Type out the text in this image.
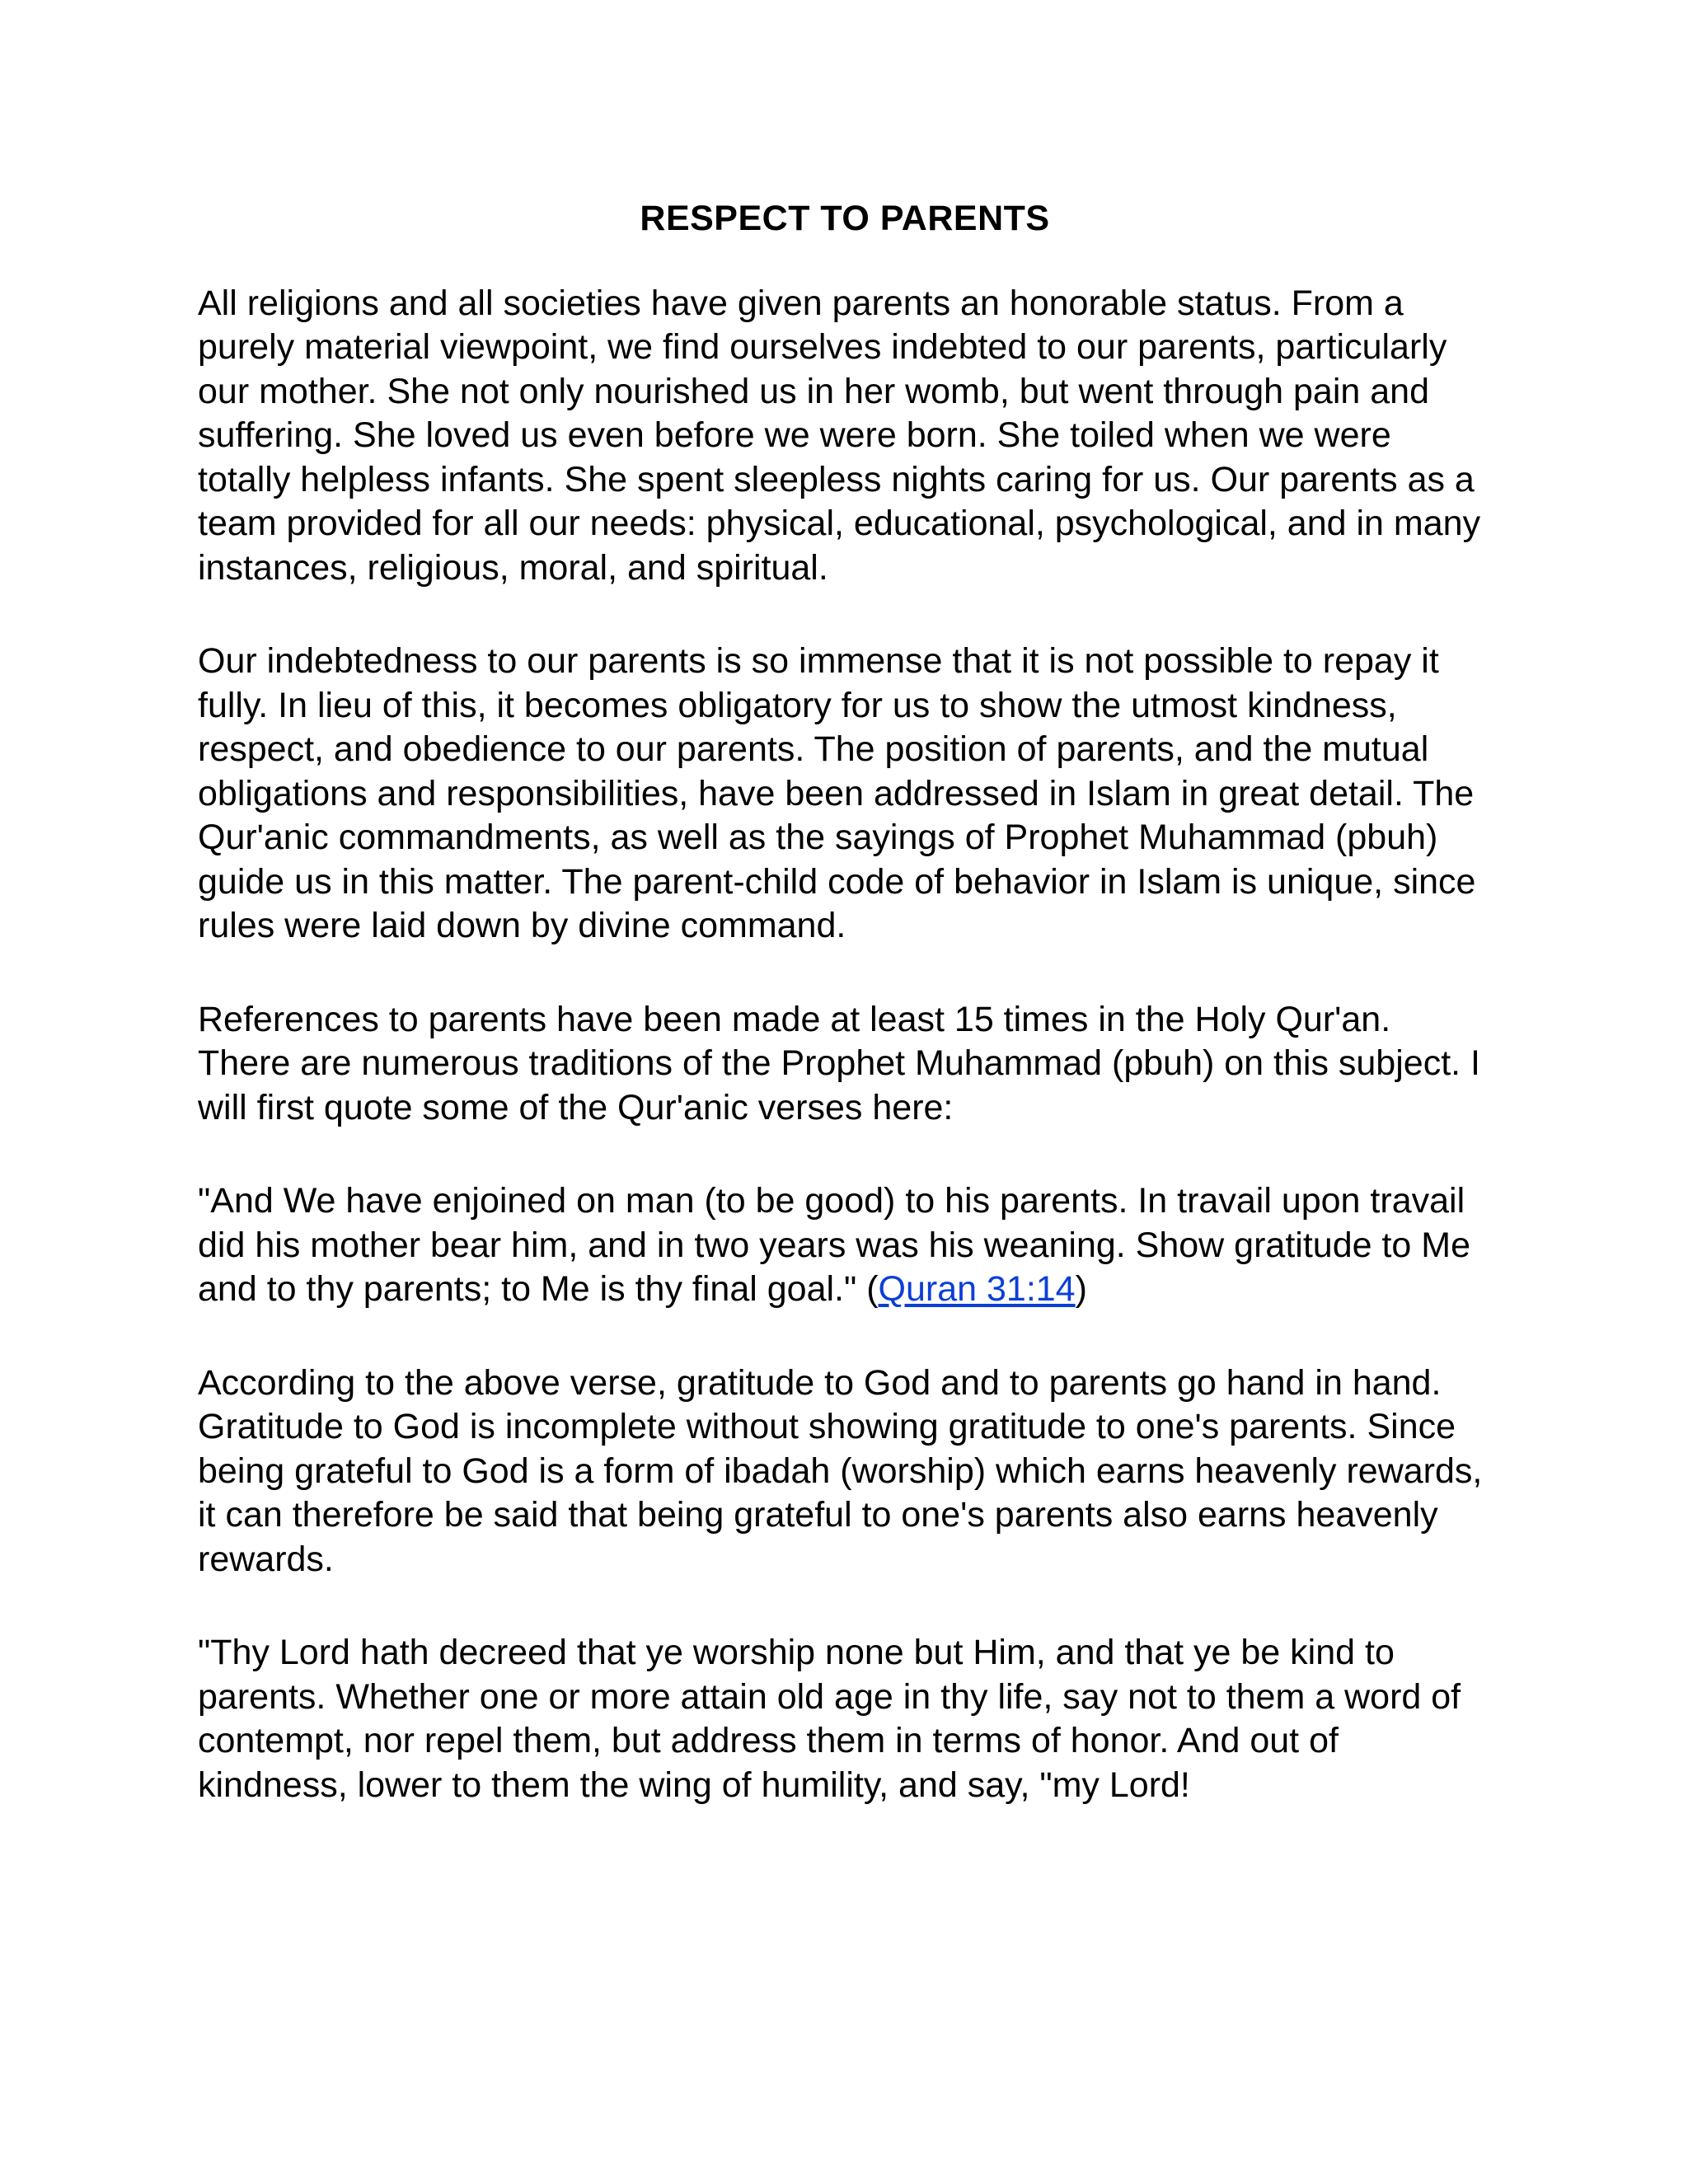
RESPECT TO PARENTS

All religions and all societies have given parents an honorable status. From a purely material viewpoint, we find ourselves indebted to our parents, particularly our mother. She not only nourished us in her womb, but went through pain and suffering. She loved us even before we were born. She toiled when we were totally helpless infants. She spent sleepless nights caring for us. Our parents as a team provided for all our needs: physical, educational, psychological, and in many instances, religious, moral, and spiritual.

Our indebtedness to our parents is so immense that it is not possible to repay it fully. In lieu of this, it becomes obligatory for us to show the utmost kindness, respect, and obedience to our parents. The position of parents, and the mutual obligations and responsibilities, have been addressed in Islam in great detail. The Qur'anic commandments, as well as the sayings of Prophet Muhammad (pbuh) guide us in this matter. The parent-child code of behavior in Islam is unique, since rules were laid down by divine command.

References to parents have been made at least 15 times in the Holy Qur'an. There are numerous traditions of the Prophet Muhammad (pbuh) on this subject. I will first quote some of the Qur'anic verses here:

"And We have enjoined on man (to be good) to his parents. In travail upon travail did his mother bear him, and in two years was his weaning. Show gratitude to Me and to thy parents; to Me is thy final goal." (Quran 31:14)

According to the above verse, gratitude to God and to parents go hand in hand. Gratitude to God is incomplete without showing gratitude to one's parents. Since being grateful to God is a form of ibadah (worship) which earns heavenly rewards, it can therefore be said that being grateful to one's parents also earns heavenly rewards.

"Thy Lord hath decreed that ye worship none but Him, and that ye be kind to parents. Whether one or more attain old age in thy life, say not to them a word of contempt, nor repel them, but address them in terms of honor. And out of kindness, lower to them the wing of humility, and say, "my Lord!
